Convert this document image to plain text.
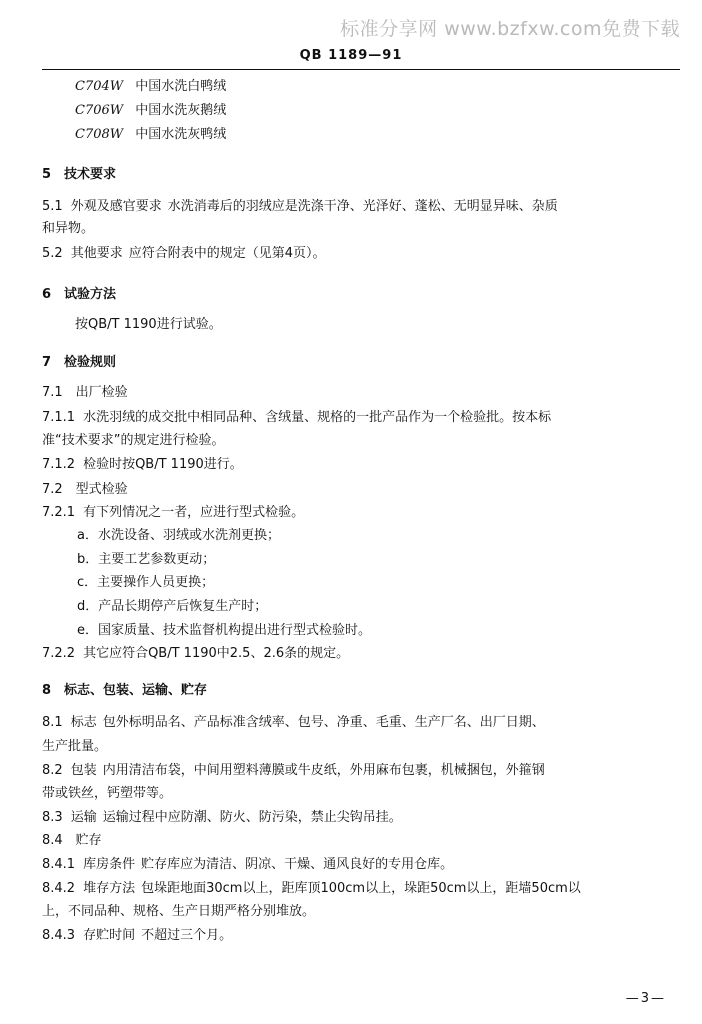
标准分享网 www.bzfxw.com免费下载
QB 1189—91
C704W 中国水洗白鸭绒
C706W 中国水洗灰鹅绒
C708W 中国水洗灰鸭绒
5　技术要求
5.1 外观及感官要求 水洗消毒后的羽绒应是洗涤干净、光泽好、蓬松、无明显异味、杂质
和异物。
5.2 其他要求 应符合附表中的规定（见第4页）。
6　试验方法
按QB/T 1190进行试验。
7　检验规则
7.1　出厂检验
7.1.1 水洗羽绒的成交批中相同品种、含绒量、规格的一批产品作为一个检验批。按本标
准“技术要求”的规定进行检验。
7.1.2 检验时按QB/T 1190进行。
7.2　型式检验
7.2.1 有下列情况之一者，应进行型式检验。
a．水洗设备、羽绒或水洗剂更换；
b．主要工艺参数更动；
c．主要操作人员更换；
d．产品长期停产后恢复生产时；
e．国家质量、技术监督机构提出进行型式检验时。
7.2.2 其它应符合QB/T 1190中2.5、2.6条的规定。
8　标志、包装、运输、贮存
8.1 标志 包外标明品名、产品标准含绒率、包号、净重、毛重、生产厂名、出厂日期、
生产批量。
8.2 包装 内用清洁布袋，中间用塑料薄膜或牛皮纸，外用麻布包裹，机械捆包，外箍钢
带或铁丝，钙塑带等。
8.3 运输 运输过程中应防潮、防火、防污染，禁止尖钩吊挂。
8.4　贮存
8.4.1 库房条件 贮存库应为清洁、阴凉、干燥、通风良好的专用仓库。
8.4.2 堆存方法 包垛距地面30cm以上，距库顶100cm以上，垛距50cm以上，距墙50cm以
上，不同品种、规格、生产日期严格分别堆放。
8.4.3 存贮时间 不超过三个月。
—3—
